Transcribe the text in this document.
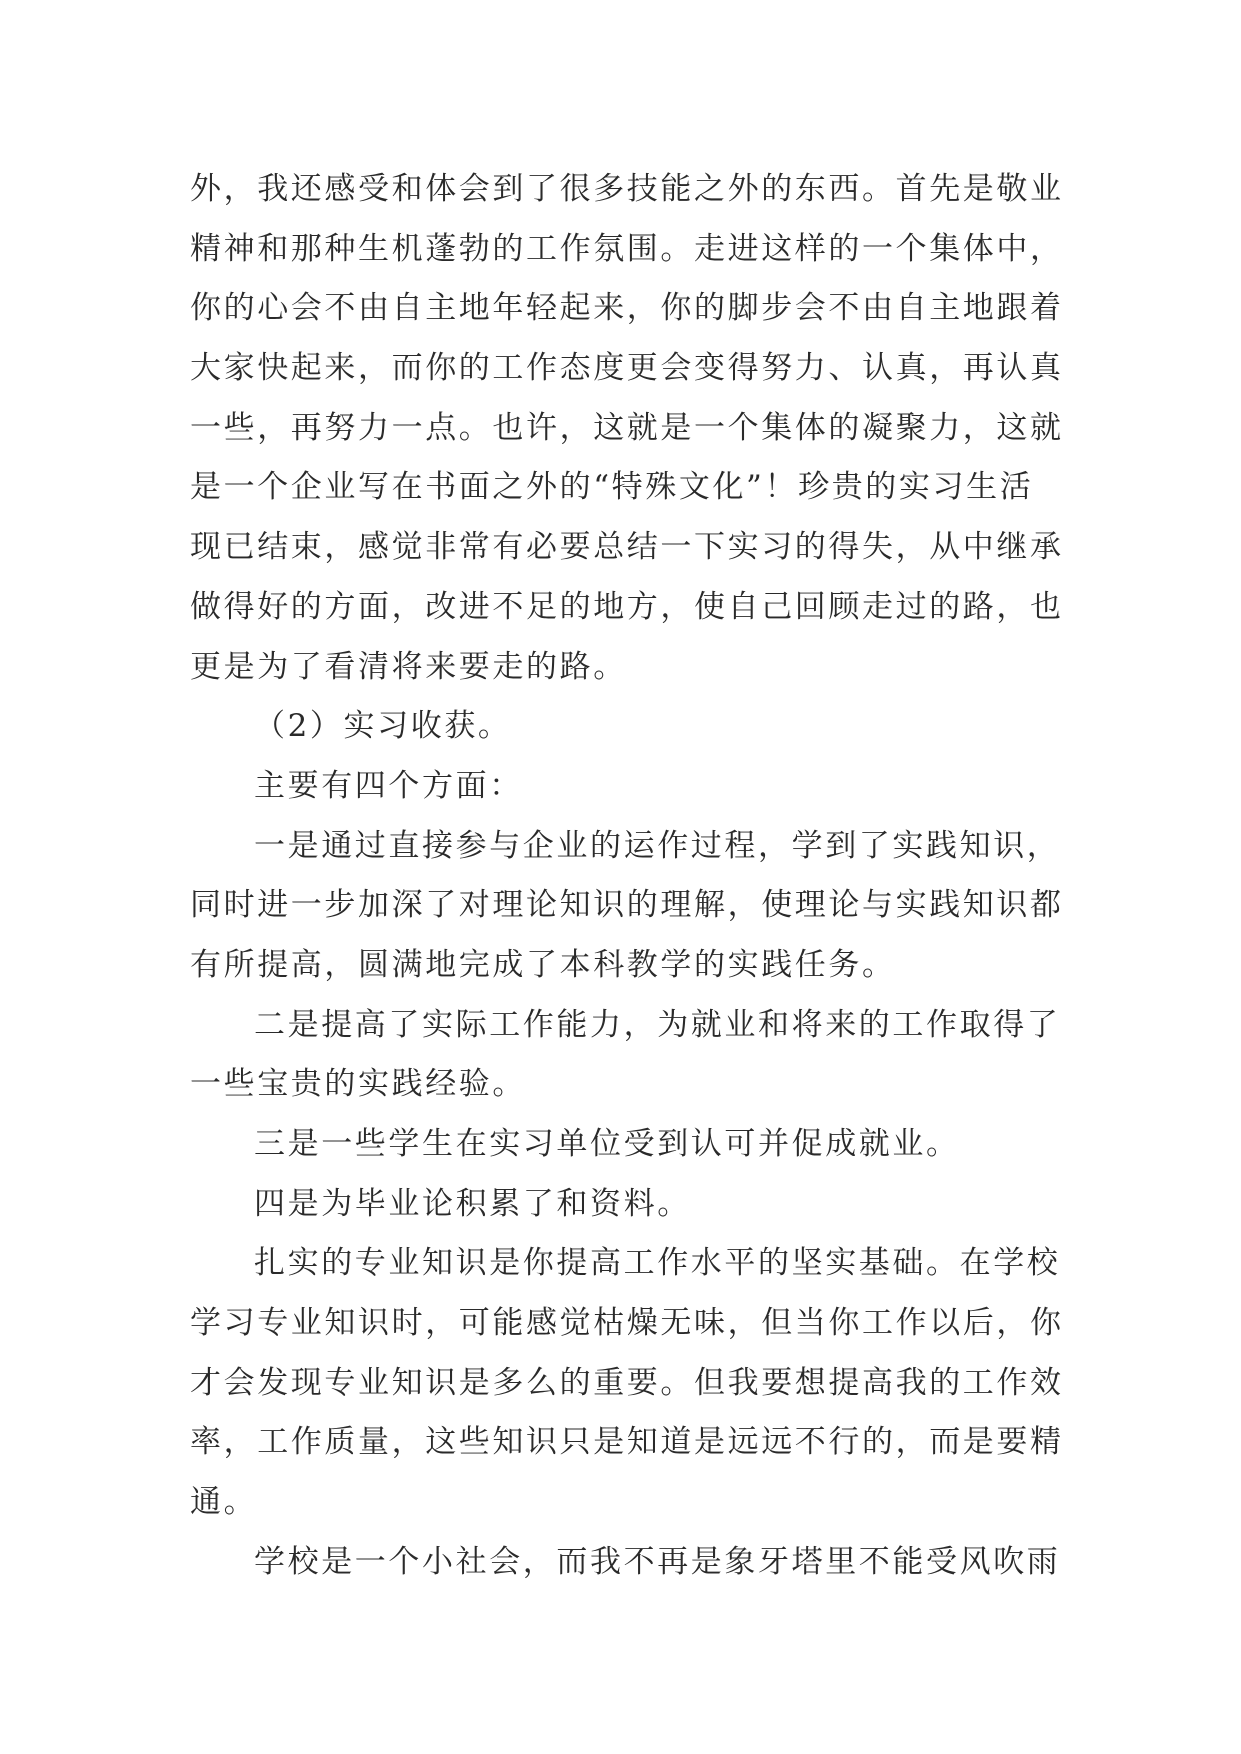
外，我还感受和体会到了很多技能之外的东西。首先是敬业
精神和那种生机蓬勃的工作氛围。走进这样的一个集体中，
你的心会不由自主地年轻起来，你的脚步会不由自主地跟着
大家快起来，而你的工作态度更会变得努力、认真，再认真
一些，再努力一点。也许，这就是一个集体的凝聚力，这就
是一个企业写在书面之外的“特殊文化”！珍贵的实习生活
现已结束，感觉非常有必要总结一下实习的得失，从中继承
做得好的方面，改进不足的地方，使自己回顾走过的路，也
更是为了看清将来要走的路。
（2）实习收获。
主要有四个方面：
一是通过直接参与企业的运作过程，学到了实践知识，
同时进一步加深了对理论知识的理解，使理论与实践知识都
有所提高，圆满地完成了本科教学的实践任务。
二是提高了实际工作能力，为就业和将来的工作取得了
一些宝贵的实践经验。
三是一些学生在实习单位受到认可并促成就业。
四是为毕业论积累了和资料。
扎实的专业知识是你提高工作水平的坚实基础。在学校
学习专业知识时，可能感觉枯燥无味，但当你工作以后，你
才会发现专业知识是多么的重要。但我要想提高我的工作效
率，工作质量，这些知识只是知道是远远不行的，而是要精
通。
学校是一个小社会，而我不再是象牙塔里不能受风吹雨
